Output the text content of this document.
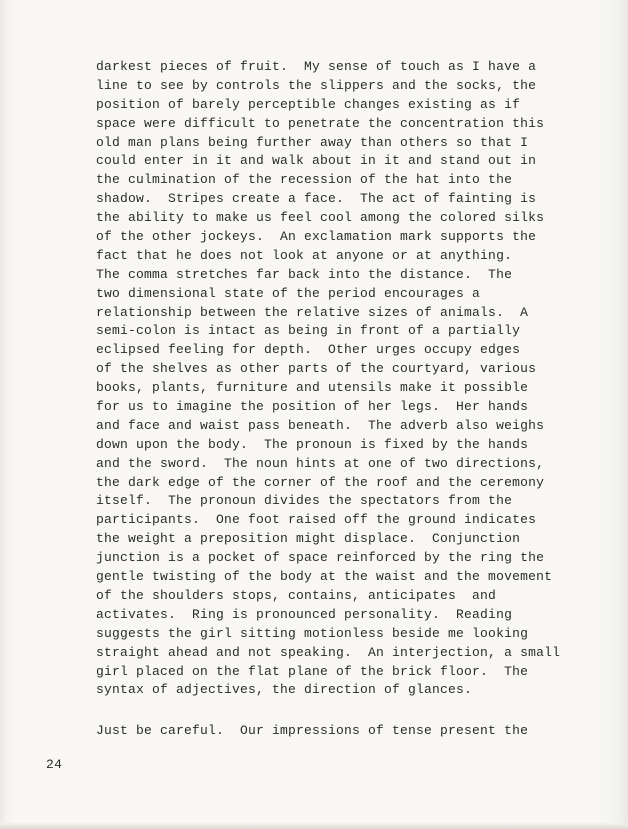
darkest pieces of fruit.  My sense of touch as I have a
line to see by controls the slippers and the socks, the
position of barely perceptible changes existing as if
space were difficult to penetrate the concentration this
old man plans being further away than others so that I
could enter in it and walk about in it and stand out in
the culmination of the recession of the hat into the
shadow.  Stripes create a face.  The act of fainting is
the ability to make us feel cool among the colored silks
of the other jockeys.  An exclamation mark supports the
fact that he does not look at anyone or at anything.
The comma stretches far back into the distance.  The
two dimensional state of the period encourages a
relationship between the relative sizes of animals.  A
semi-colon is intact as being in front of a partially
eclipsed feeling for depth.  Other urges occupy edges
of the shelves as other parts of the courtyard, various
books, plants, furniture and utensils make it possible
for us to imagine the position of her legs.  Her hands
and face and waist pass beneath.  The adverb also weighs
down upon the body.  The pronoun is fixed by the hands
and the sword.  The noun hints at one of two directions,
the dark edge of the corner of the roof and the ceremony
itself.  The pronoun divides the spectators from the
participants.  One foot raised off the ground indicates
the weight a preposition might displace.  Conjunction
junction is a pocket of space reinforced by the ring the
gentle twisting of the body at the waist and the movement
of the shoulders stops, contains, anticipates  and
activates.  Ring is pronounced personality.  Reading
suggests the girl sitting motionless beside me looking
straight ahead and not speaking.  An interjection, a small
girl placed on the flat plane of the brick floor.  The
syntax of adjectives, the direction of glances.
Just be careful.  Our impressions of tense present the
24
